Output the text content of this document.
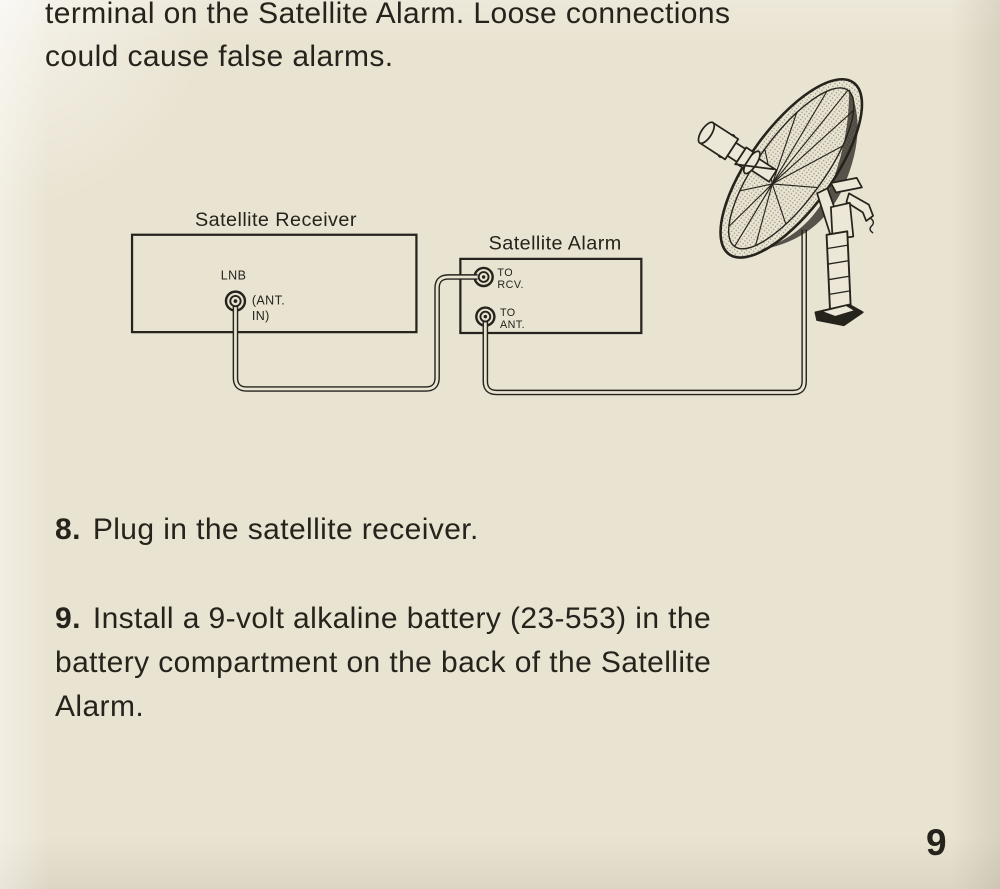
terminal on the Satellite Alarm. Loose connections
could cause false alarms.

Satellite Receiver
LNB
(ANT.
IN)
Satellite Alarm
TO
RCV.
TO
ANT.

8. Plug in the satellite receiver.

9. Install a 9-volt alkaline battery (23-553) in the
battery compartment on the back of the Satellite
Alarm.

9
